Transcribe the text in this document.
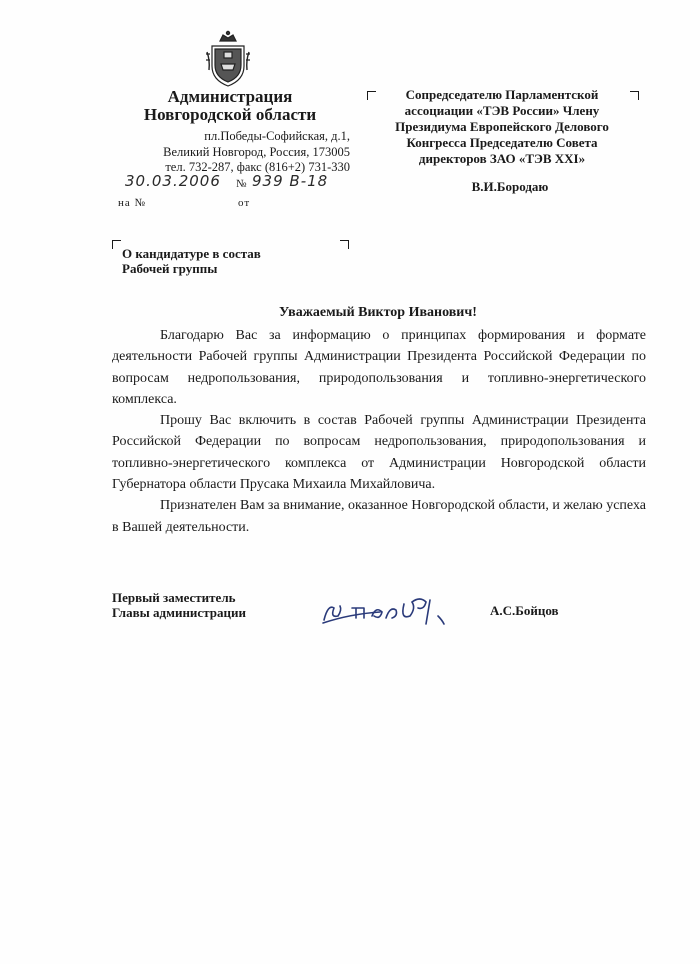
Администрация
Новгородской области
пл.Победы-Софийская, д.1,
Великий Новгород, Россия, 173005
тел. 732-287, факс (816+2) 731-330
30.03.2006 № 939 В-18
на №	от
Сопредседателю Парламентской
ассоциации «ТЭВ России» Члену
Президиума Европейского Делового
Конгресса Председателю Совета
директоров ЗАО «ТЭВ XXI»
В.И.Бородаю
О кандидатуре в состав
Рабочей группы
Уважаемый Виктор Иванович!

Благодарю Вас за информацию о принципах формирования и формате деятельности Рабочей группы Администрации Президента Российской Федерации по вопросам недропользования, природопользования и топливно-энергетического комплекса.

Прошу Вас включить в состав Рабочей группы Администрации Президента Российской Федерации по вопросам недропользования, природопользования и топливно-энергетического комплекса от Администрации Новгородской области Губернатора области Прусака Михаила Михайловича.

Признателен Вам за внимание, оказанное Новгородской области, и желаю успеха в Вашей деятельности.

Первый заместитель
Главы администрации	А.С.Бойцов
